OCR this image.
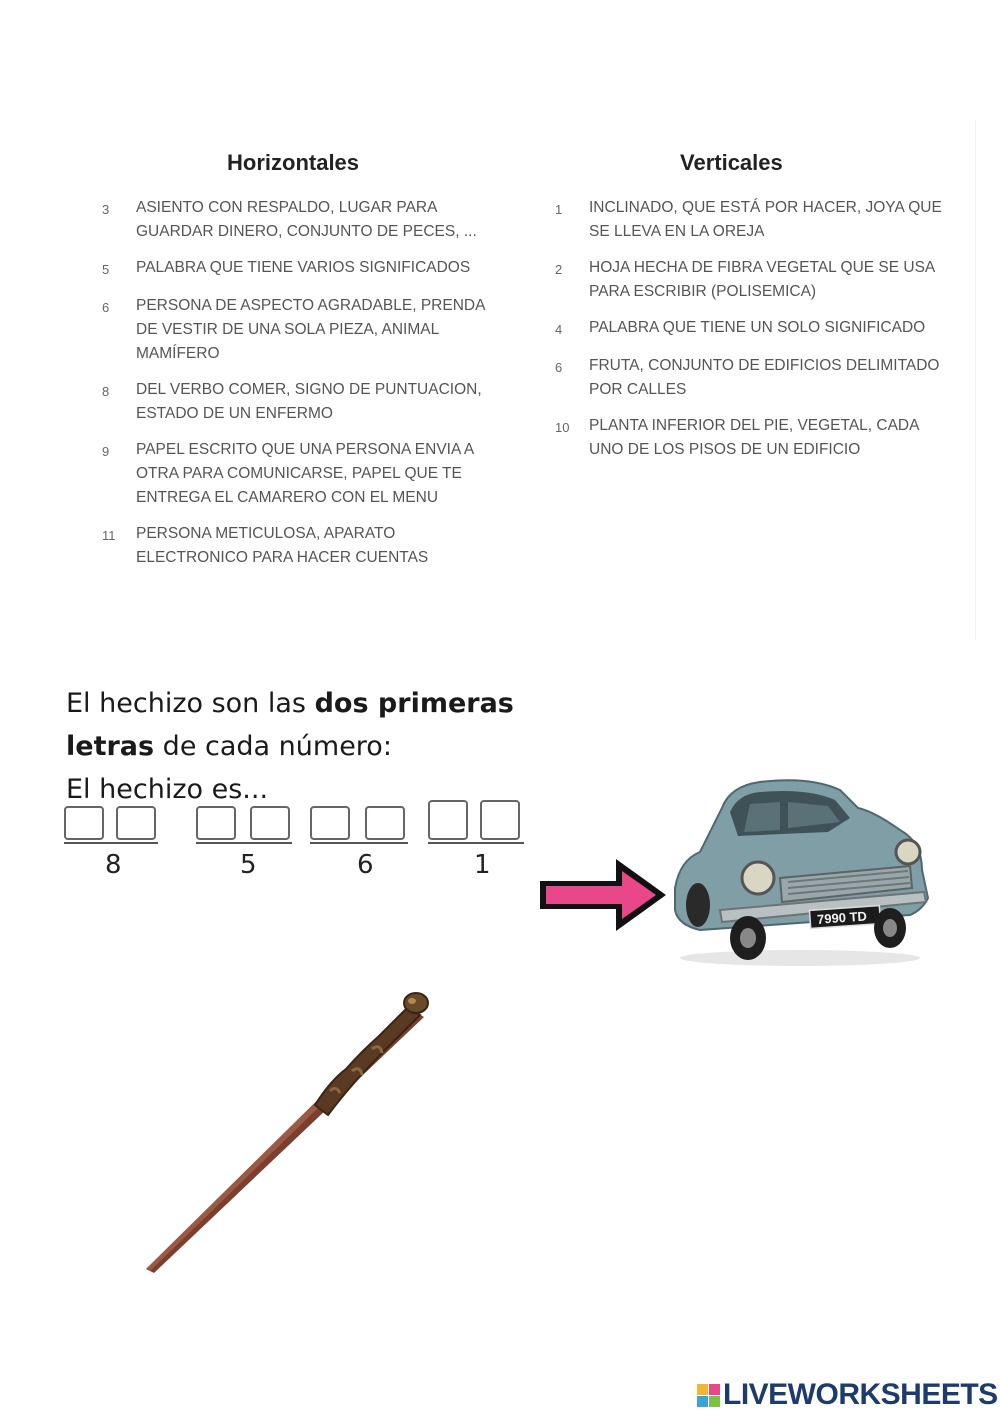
Horizontales	Verticales
3	ASIENTO CON RESPALDO, LUGAR PARA GUARDAR DINERO, CONJUNTO DE PECES, ...
5	PALABRA QUE TIENE VARIOS SIGNIFICADOS
6	PERSONA DE ASPECTO AGRADABLE, PRENDA DE VESTIR DE UNA SOLA PIEZA, ANIMAL MAMÍFERO
8	DEL VERBO COMER, SIGNO DE PUNTUACION, ESTADO DE UN ENFERMO
9	PAPEL ESCRITO QUE UNA PERSONA ENVIA A OTRA PARA COMUNICARSE, PAPEL QUE TE ENTREGA EL CAMARERO CON EL MENU
11	PERSONA METICULOSA, APARATO ELECTRONICO PARA HACER CUENTAS
1	INCLINADO, QUE ESTÁ POR HACER, JOYA QUE SE LLEVA EN LA OREJA
2	HOJA HECHA DE FIBRA VEGETAL QUE SE USA PARA ESCRIBIR (POLISEMICA)
4	PALABRA QUE TIENE UN SOLO SIGNIFICADO
6	FRUTA, CONJUNTO DE EDIFICIOS DELIMITADO POR CALLES
10	PLANTA INFERIOR DEL PIE, VEGETAL, CADA UNO DE LOS PISOS DE UN EDIFICIO
El hechizo son las dos primeras
letras de cada número:
El hechizo es...
8	5	6	1
7990 TD
LIVEWORKSHEETS
